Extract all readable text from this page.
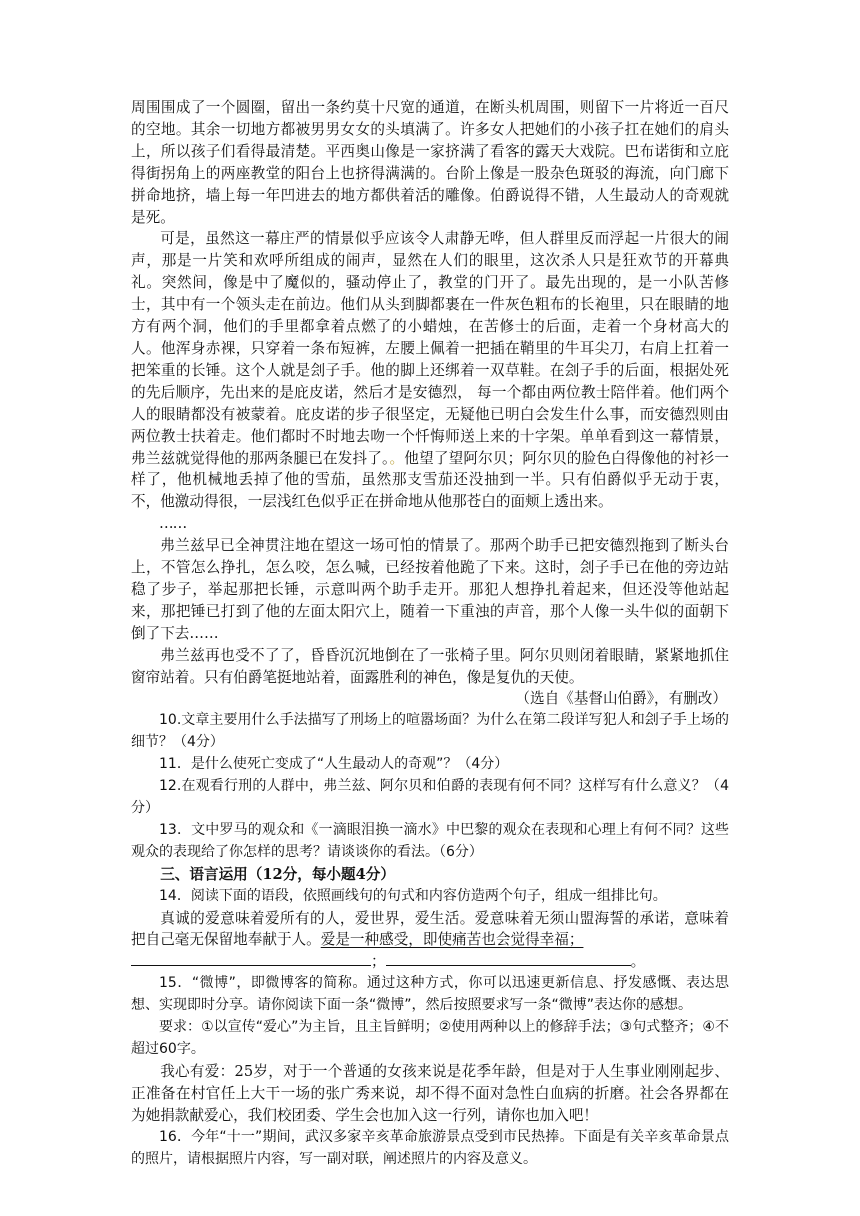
周围围成了一个圆圈，留出一条约莫十尺宽的通道，在断头机周围，则留下一片将近一百尺的空地。其余一切地方都被男男女女的头填满了。许多女人把她们的小孩子扛在她们的肩头上，所以孩子们看得最清楚。平西奥山像是一家挤满了看客的露天大戏院。巴布诺街和立庇得街拐角上的两座教堂的阳台上也挤得满满的。台阶上像是一股杂色斑驳的海流，向门廊下拼命地挤，墙上每一年凹进去的地方都供着活的雕像。伯爵说得不错，人生最动人的奇观就是死。

可是，虽然这一幕庄严的情景似乎应该令人肃静无哗，但人群里反而浮起一片很大的闹声，那是一片笑和欢呼所组成的闹声，显然在人们的眼里，这次杀人只是狂欢节的开幕典礼。突然间，像是中了魔似的，骚动停止了，教堂的门开了。最先出现的，是一小队苦修士，其中有一个领头走在前边。他们从头到脚都裹在一件灰色粗布的长袍里，只在眼睛的地方有两个洞，他们的手里都拿着点燃了的小蜡烛，在苦修士的后面，走着一个身材高大的人。他浑身赤裸，只穿着一条布短裤，左腰上佩着一把插在鞘里的牛耳尖刀，右肩上扛着一把笨重的长锤。这个人就是刽子手。他的脚上还绑着一双草鞋。在刽子手的后面，根据处死的先后顺序，先出来的是庇皮诺，然后才是安德烈， 每一个都由两位教士陪伴着。他们两个人的眼睛都没有被蒙着。庇皮诺的步子很坚定，无疑他已明白会发生什么事，而安德烈则由两位教士扶着走。他们都时不时地去吻一个忏悔师送上来的十字架。单单看到这一幕情景，弗兰兹就觉得他的那两条腿已在发抖了。。他望了望阿尔贝；阿尔贝的脸色白得像他的衬衫一样了，他机械地丢掉了他的雪茄，虽然那支雪茄还没抽到一半。只有伯爵似乎无动于衷，不，他激动得很，一层浅红色似乎正在拼命地从他那苍白的面颊上透出来。

……

弗兰兹早已全神贯注地在望这一场可怕的情景了。那两个助手已把安德烈拖到了断头台上，不管怎么挣扎，怎么咬，怎么喊，已经按着他跪了下来。这时，刽子手已在他的旁边站稳了步子，举起那把长锤，示意叫两个助手走开。那犯人想挣扎着起来，但还没等他站起来，那把锤已打到了他的左面太阳穴上，随着一下重浊的声音，那个人像一头牛似的面朝下倒了下去……

弗兰兹再也受不了了，昏昏沉沉地倒在了一张椅子里。阿尔贝则闭着眼睛，紧紧地抓住窗帘站着。只有伯爵笔挺地站着，面露胜利的神色，像是复仇的天使。

（选自《基督山伯爵》，有删改）

10.文章主要用什么手法描写了刑场上的喧嚣场面？为什么在第二段详写犯人和刽子手上场的细节？（4分）

11．是什么使死亡变成了“人生最动人的奇观”？（4分）

12.在观看行刑的人群中，弗兰兹、阿尔贝和伯爵的表现有何不同？这样写有什么意义？（4分）

13．文中罗马的观众和《一滴眼泪换一滴水》中巴黎的观众在表现和心理上有何不同？这些观众的表现给了你怎样的思考？请谈谈你的看法。（6分）

三、语言运用（12分，每小题4分）

14．阅读下面的语段，依照画线句的句式和内容仿造两个句子，组成一组排比句。

真诚的爱意味着爱所有的人，爱世界，爱生活。爱意味着无须山盟海誓的承诺，意味着把自己毫无保留地奉献于人。爱是一种感受，即使痛苦也会觉得幸福；

；	。

15．“微博”，即微博客的简称。通过这种方式，你可以迅速更新信息、抒发感慨、表达思想、实现即时分享。请你阅读下面一条“微博”，然后按照要求写一条“微博”表达你的感想。

要求：①以宣传“爱心”为主旨，且主旨鲜明；②使用两种以上的修辞手法；③句式整齐；④不超过60字。

我心有爱：25岁，对于一个普通的女孩来说是花季年龄，但是对于人生事业刚刚起步、正准备在村官任上大干一场的张广秀来说，却不得不面对急性白血病的折磨。社会各界都在为她捐款献爱心，我们校团委、学生会也加入这一行列，请你也加入吧！

16．今年“十一”期间，武汉多家辛亥革命旅游景点受到市民热捧。下面是有关辛亥革命景点的照片，请根据照片内容，写一副对联，阐述照片的内容及意义。
